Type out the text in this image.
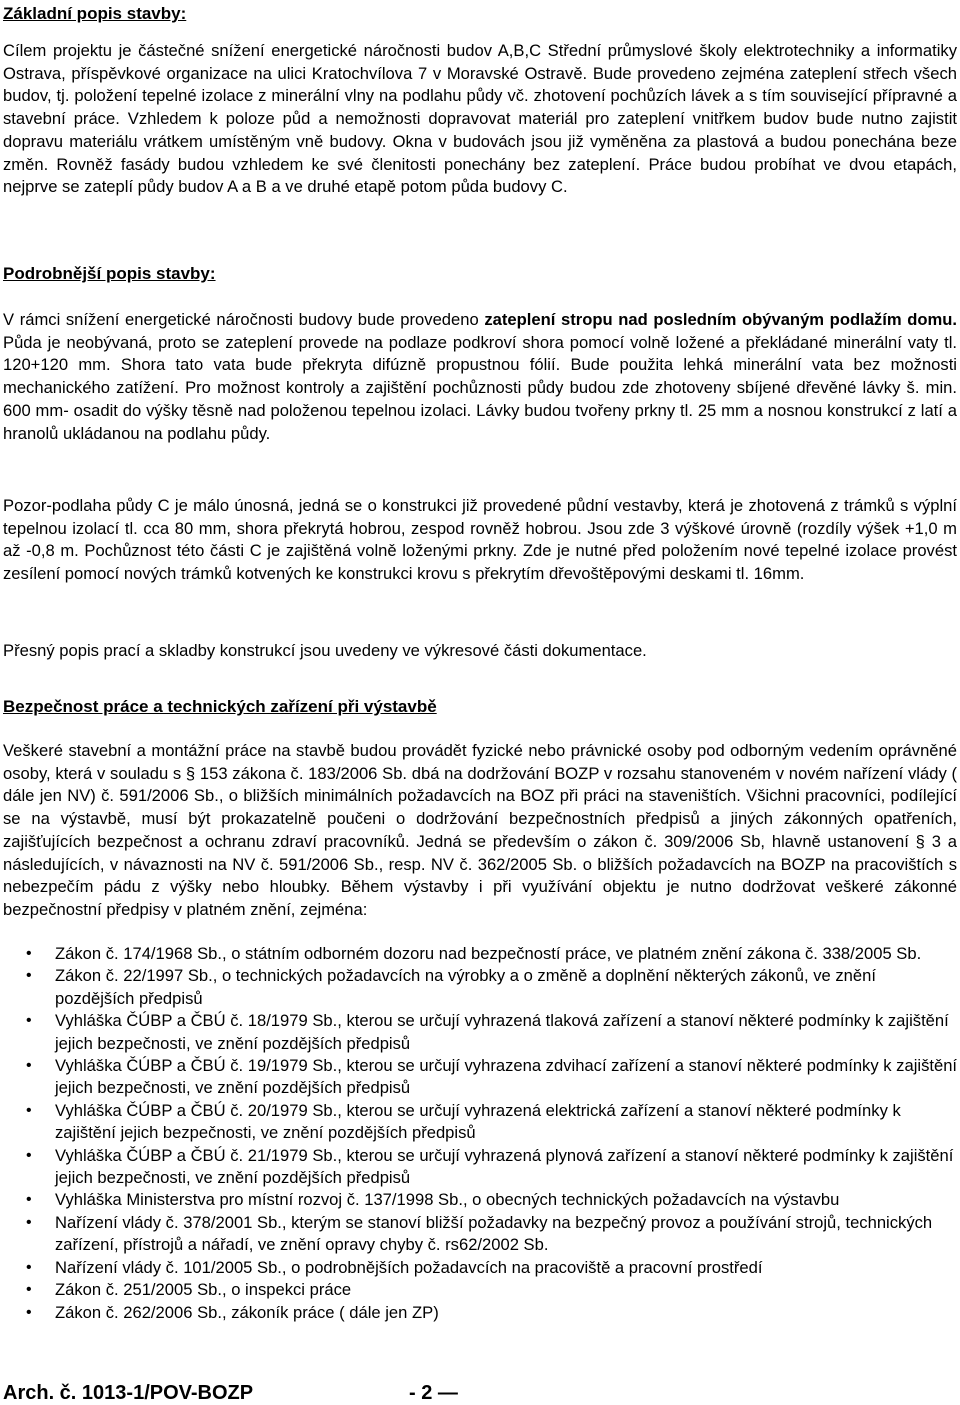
Základní popis stavby:
Cílem projektu je částečné snížení energetické náročnosti budov A,B,C Střední průmyslové školy elektrotechniky a informatiky Ostrava, příspěvkové organizace na ulici Kratochvílova 7 v Moravské Ostravě. Bude provedeno zejména zateplení střech všech budov, tj. položení tepelné izolace z minerální vlny na podlahu půdy vč. zhotovení pochůzích lávek a s tím související přípravné a stavební práce. Vzhledem k poloze půd a nemožnosti dopravovat materiál pro zateplení vnitřkem budov bude nutno zajistit dopravu materiálu vrátkem umístěným vně budovy. Okna v budovách jsou již vyměněna za plastová a budou ponechána beze změn. Rovněž fasády budou vzhledem ke své členitosti ponechány bez zateplení. Práce budou probíhat ve dvou etapách, nejprve se zateplí půdy budov A a B a ve druhé etapě potom půda budovy C.
Podrobnější popis stavby:
V rámci snížení energetické náročnosti budovy bude provedeno zateplení stropu nad posledním obývaným podlažím domu. Půda je neobývaná, proto se zateplení provede na podlaze podkroví shora pomocí volně ložené a překládané minerální vaty tl. 120+120 mm. Shora tato vata bude překryta difúzně propustnou fólií. Bude použita lehká minerální vata bez možnosti mechanického zatížení. Pro možnost kontroly a zajištění pochůznosti půdy budou zde zhotoveny sbíjené dřevěné lávky š. min. 600 mm- osadit do výšky těsně nad položenou tepelnou izolaci. Lávky budou tvořeny prkny tl. 25 mm a nosnou konstrukcí z latí a hranolů ukládanou na podlahu půdy.
Pozor-podlaha půdy C je málo únosná, jedná se o konstrukci již provedené půdní vestavby, která je zhotovená z trámků s výplní tepelnou izolací tl. cca 80 mm, shora překrytá hobrou, zespod rovněž hobrou. Jsou zde 3 výškové úrovně (rozdíly výšek +1,0 m až -0,8 m. Pochůznost této části C je zajištěná volně loženými prkny. Zde je nutné před položením nové tepelné izolace provést zesílení pomocí nových trámků kotvených ke konstrukci krovu s překrytím dřevoštěpovými deskami tl. 16mm.
Přesný popis prací a skladby konstrukcí jsou uvedeny ve výkresové části dokumentace.
Bezpečnost práce a technických zařízení při výstavbě
Veškeré stavební a montážní práce na stavbě budou provádět fyzické nebo právnické osoby pod odborným vedením oprávněné osoby, která v souladu s § 153 zákona č. 183/2006 Sb. dbá na dodržování BOZP v rozsahu stanoveném v novém nařízení vlády ( dále jen NV) č. 591/2006 Sb., o bližších minimálních požadavcích na BOZ při práci na staveništích. Všichni pracovníci, podílející se na výstavbě, musí být prokazatelně poučeni o dodržování bezpečnostních předpisů a jiných zákonných opatřeních, zajišťujících bezpečnost a ochranu zdraví pracovníků. Jedná se především o zákon č. 309/2006 Sb, hlavně ustanovení § 3 a následujících, v návaznosti na NV č. 591/2006 Sb., resp. NV č. 362/2005 Sb. o bližších požadavcích na BOZP na pracovištích s nebezpečím pádu z výšky nebo hloubky. Během výstavby i při využívání objektu je nutno dodržovat veškeré zákonné bezpečnostní předpisy v platném znění, zejména:
• Zákon č. 174/1968 Sb., o státním odborném dozoru nad bezpečností práce, ve platném znění zákona č. 338/2005 Sb.
• Zákon č. 22/1997 Sb., o technických požadavcích na výrobky a o změně a doplnění některých zákonů, ve znění pozdějších předpisů
• Vyhláška ČÚBP a ČBÚ č. 18/1979 Sb., kterou se určují vyhrazená tlaková zařízení a stanoví některé podmínky k zajištění jejich bezpečnosti, ve znění pozdějších předpisů
• Vyhláška ČÚBP a ČBÚ č. 19/1979 Sb., kterou se určují vyhrazena zdvihací zařízení a stanoví některé podmínky k zajištění jejich bezpečnosti, ve znění pozdějších předpisů
• Vyhláška ČÚBP a ČBÚ č. 20/1979 Sb., kterou se určují vyhrazená elektrická zařízení a stanoví některé podmínky k zajištění jejich bezpečnosti, ve znění pozdějších předpisů
• Vyhláška ČÚBP a ČBÚ č. 21/1979 Sb., kterou se určují vyhrazená plynová zařízení a stanoví některé podmínky k zajištění jejich bezpečnosti, ve znění pozdějších předpisů
• Vyhláška Ministerstva pro místní rozvoj č. 137/1998 Sb., o obecných technických požadavcích na výstavbu
• Nařízení vlády č. 378/2001 Sb., kterým se stanoví bližší požadavky na bezpečný provoz a používání strojů, technických zařízení, přístrojů a nářadí, ve znění opravy chyby č. rs62/2002 Sb.
• Nařízení vlády č. 101/2005 Sb., o podrobnějších požadavcích na pracoviště a pracovní prostředí
• Zákon č. 251/2005 Sb., o inspekci práce
• Zákon č. 262/2006 Sb., zákoník práce ( dále jen ZP)
Arch. č. 1013-1/POV-BOZP	- 2 —
